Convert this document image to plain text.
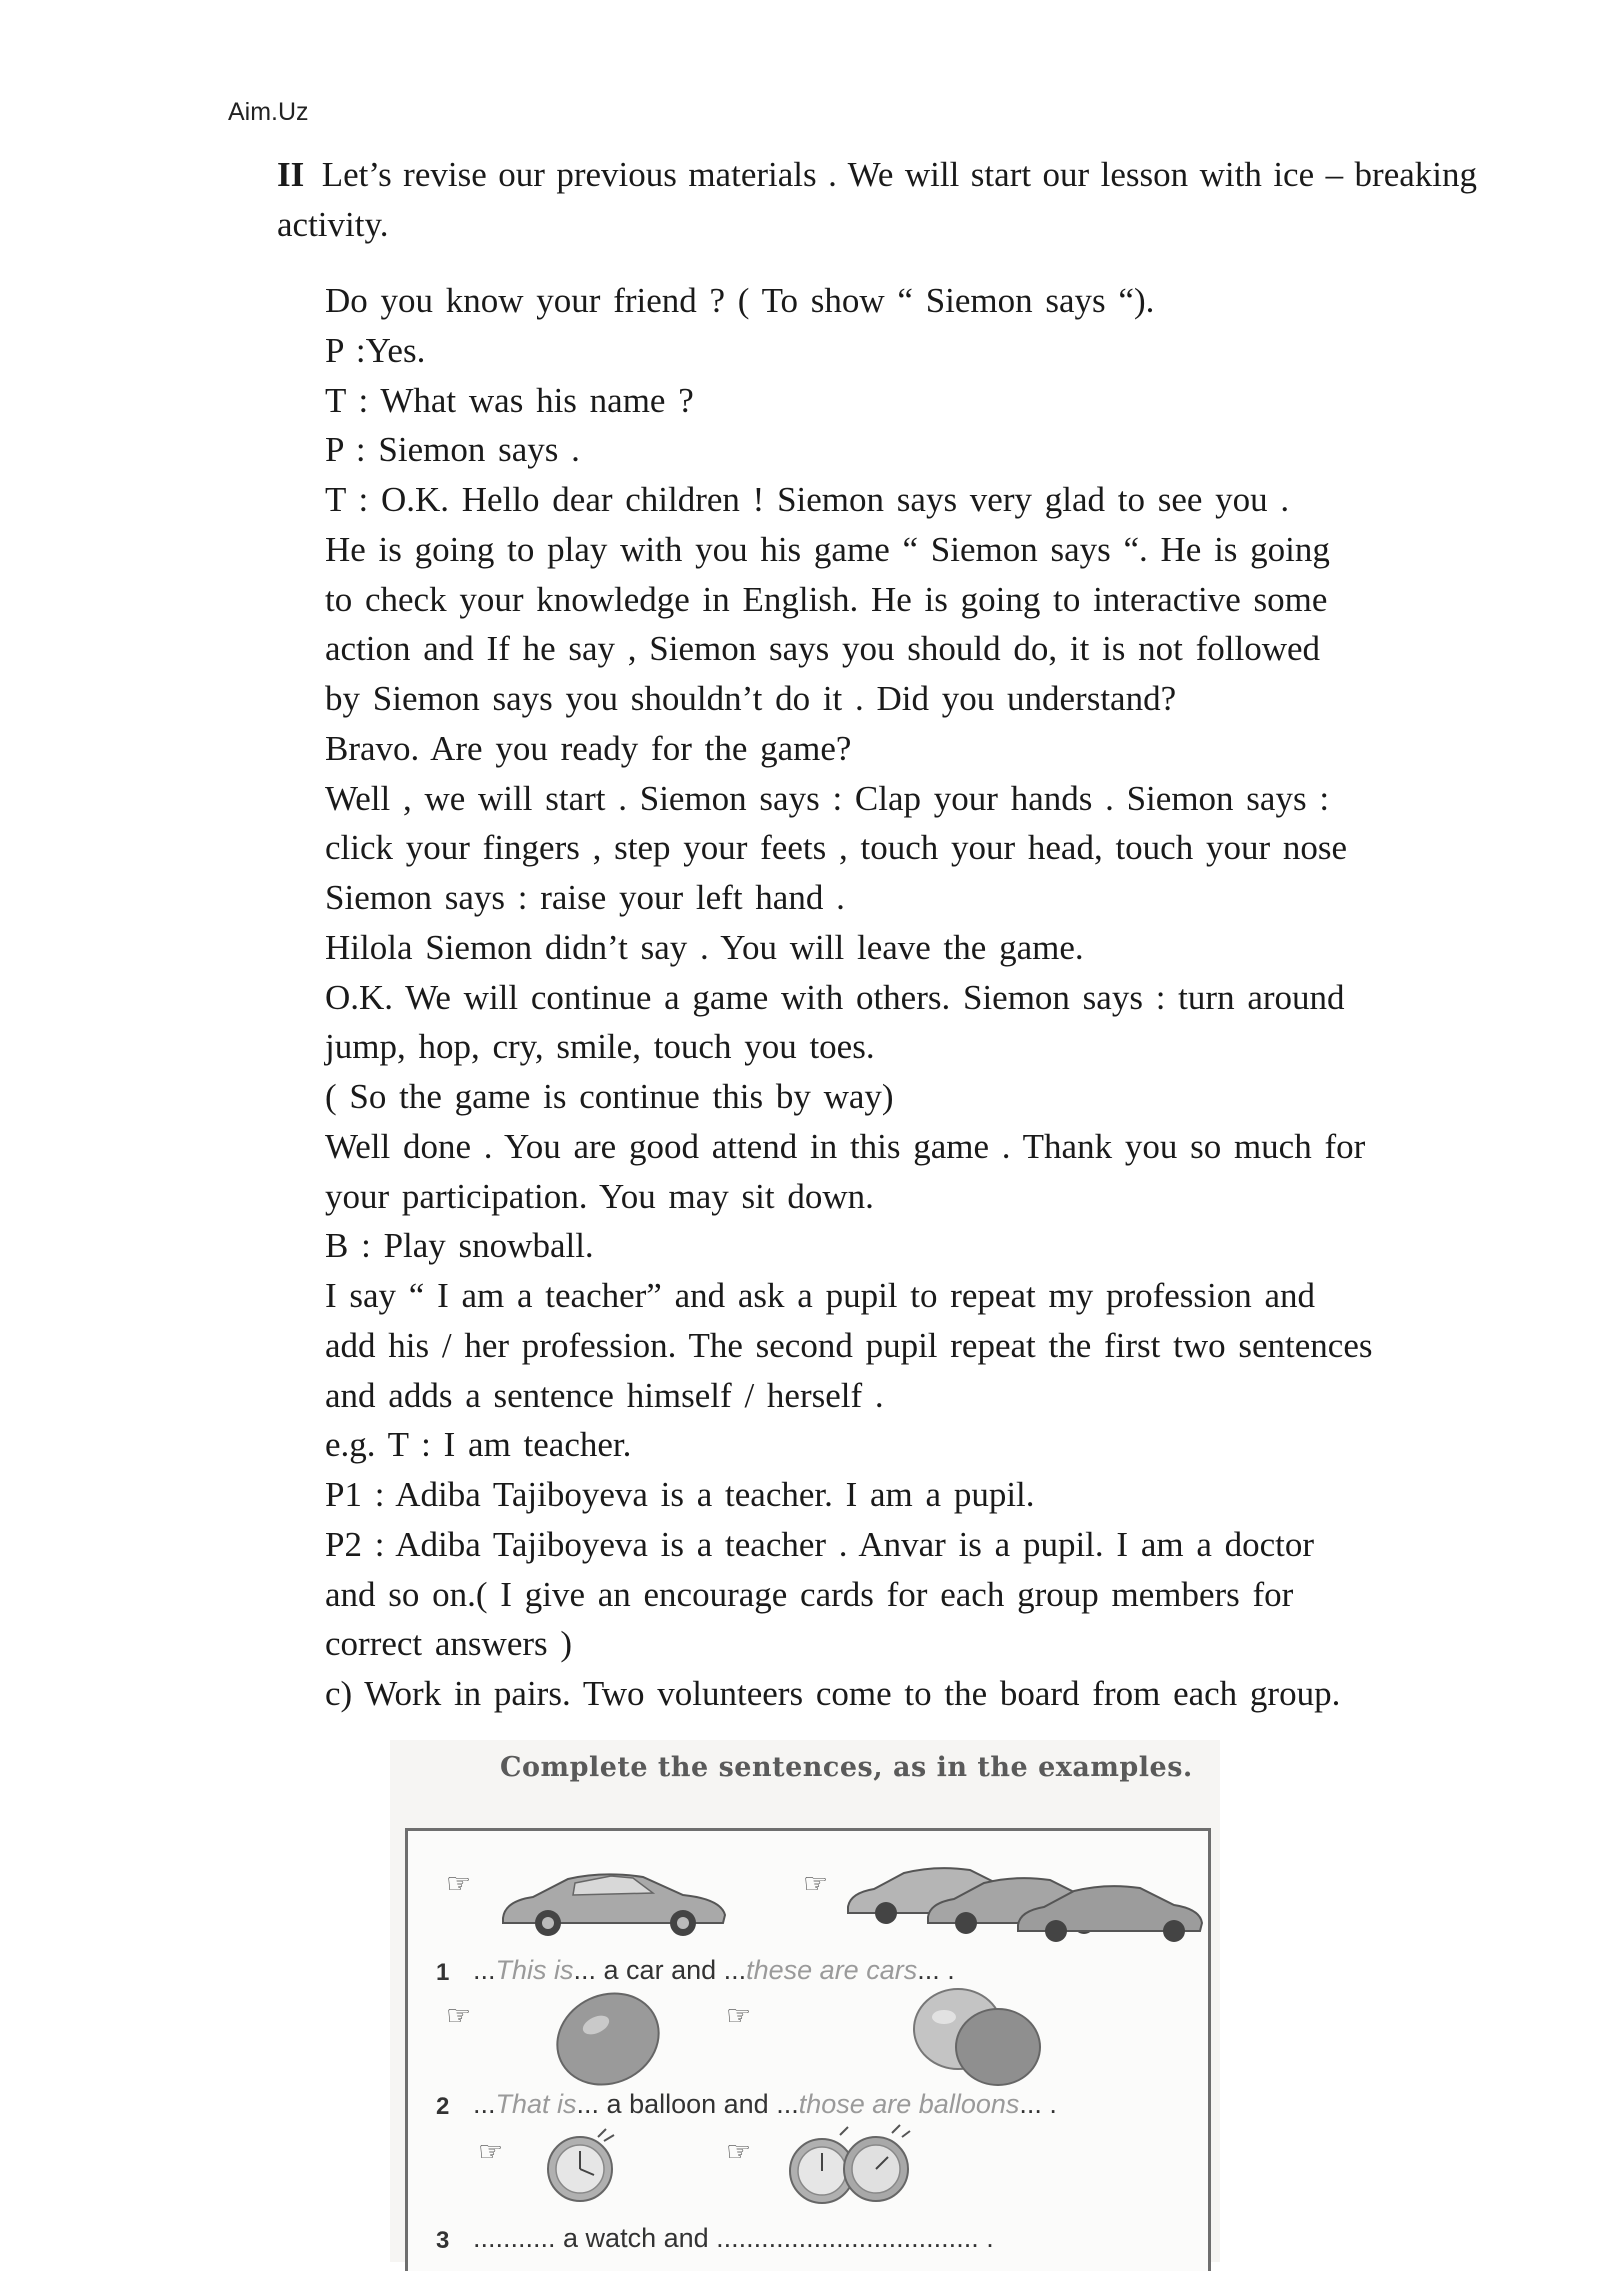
Aim.Uz
II Let’s revise our previous materials . We will start our lesson with ice – breaking activity.
Do you know your friend ? ( To show “ Siemon says “).
P :Yes.
T : What was his name ?
P : Siemon says .
T : O.K. Hello dear children ! Siemon says very glad to see you .
He is going to play with you his game “ Siemon says “. He is going
to check your knowledge in English. He is going to interactive some
action and If he say , Siemon says you should do, it is not followed
by Siemon says you shouldn’t do it . Did you understand?
Bravo. Are you ready for the game?
Well , we will start . Siemon says : Clap your hands . Siemon says :
click your fingers , step your feets , touch your head, touch your nose
Siemon says : raise your left hand .
Hilola Siemon didn’t say . You will leave the game.
O.K. We will continue a game with others. Siemon says : turn around
jump, hop, cry, smile, touch you toes.
( So the game is continue this by way)
Well done . You are good attend in this game . Thank you so much for
your participation. You may sit down.
B : Play snowball.
I say “ I am a teacher” and ask a pupil to repeat my profession and
add his / her profession. The second pupil repeat the first two sentences
and adds a sentence himself / herself .
e.g. T : I am teacher.
P1 : Adiba Tajiboyeva is a teacher. I am a pupil.
P2 : Adiba Tajiboyeva is a teacher . Anvar is a pupil. I am a doctor
and so on.( I give an encourage cards for each group members for
correct answers )
c) Work in pairs. Two volunteers come to the board from each group.
Complete the sentences, as in the examples.
☞	☞
1 ...This is... a car and ...these are cars... .
☞	☞
2 ...That is... a balloon and ...those are balloons... .
☞	☞
3 ........... a watch and ................................... .
